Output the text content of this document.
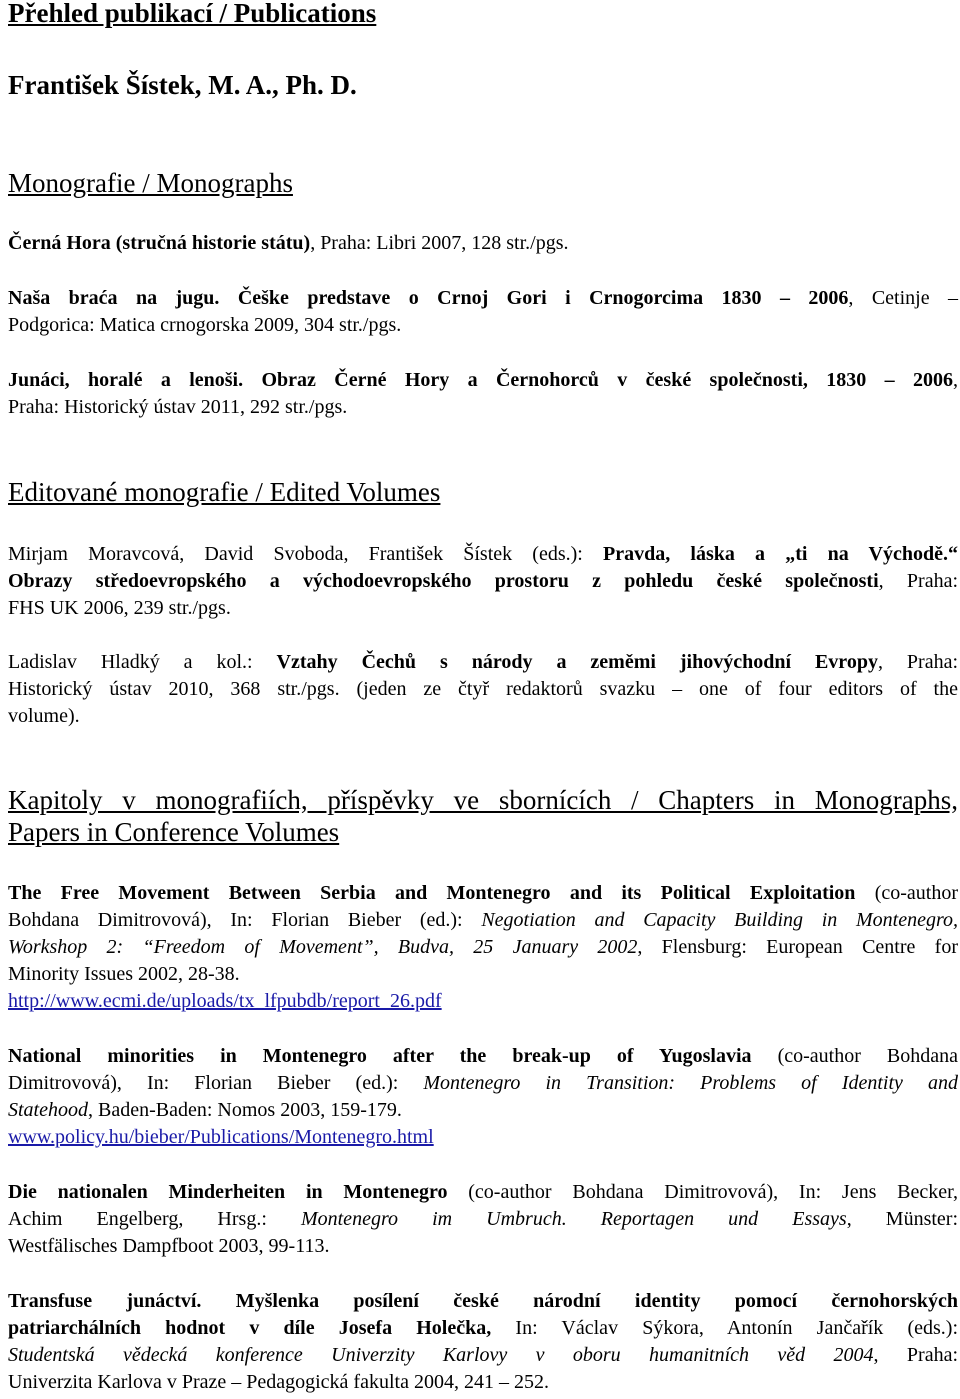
Přehled publikací / Publications
František Šístek, M. A., Ph. D.
Monografie / Monographs
Černá Hora (stručná historie státu), Praha: Libri 2007, 128 str./pgs.
Naša braća na jugu. Češke predstave o Crnoj Gori i Crnogorcima 1830 – 2006, Cetinje –
Podgorica: Matica crnogorska 2009, 304 str./pgs.
Junáci, horalé a lenoši. Obraz Černé Hory a Černohorců v české společnosti, 1830 – 2006,
Praha: Historický ústav 2011, 292 str./pgs.
Editované monografie / Edited Volumes
Mirjam Moravcová, David Svoboda, František Šístek (eds.): Pravda, láska a „ti na Východě.“
Obrazy středoevropského a východoevropského prostoru z pohledu české společnosti, Praha:
FHS UK 2006, 239 str./pgs.
Ladislav Hladký a kol.: Vztahy Čechů s národy a zeměmi jihovýchodní Evropy, Praha:
Historický ústav 2010, 368 str./pgs. (jeden ze čtyř redaktorů svazku – one of four editors of the
volume).
Kapitoly v monografiích, příspěvky ve sbornících / Chapters in Monographs,
Papers in Conference Volumes
The Free Movement Between Serbia and Montenegro and its Political Exploitation (co-author
Bohdana Dimitrovová), In: Florian Bieber (ed.): Negotiation and Capacity Building in Montenegro,
Workshop 2: “Freedom of Movement”, Budva, 25 January 2002, Flensburg: European Centre for
Minority Issues 2002, 28-38.
http://www.ecmi.de/uploads/tx_lfpubdb/report_26.pdf
National minorities in Montenegro after the break-up of Yugoslavia (co-author Bohdana
Dimitrovová), In: Florian Bieber (ed.): Montenegro in Transition: Problems of Identity and
Statehood, Baden-Baden: Nomos 2003, 159-179.
www.policy.hu/bieber/Publications/Montenegro.html
Die nationalen Minderheiten in Montenegro (co-author Bohdana Dimitrovová), In: Jens Becker,
Achim Engelberg, Hrsg.: Montenegro im Umbruch. Reportagen und Essays, Münster:
Westfälisches Dampfboot 2003, 99-113.
Transfuse junáctví. Myšlenka posílení české národní identity pomocí černohorských
patriarchálních hodnot v díle Josefa Holečka, In: Václav Sýkora, Antonín Jančařík (eds.):
Studentská vědecká konference Univerzity Karlovy v oboru humanitních věd 2004, Praha:
Univerzita Karlova v Praze – Pedagogická fakulta 2004, 241 – 252.
